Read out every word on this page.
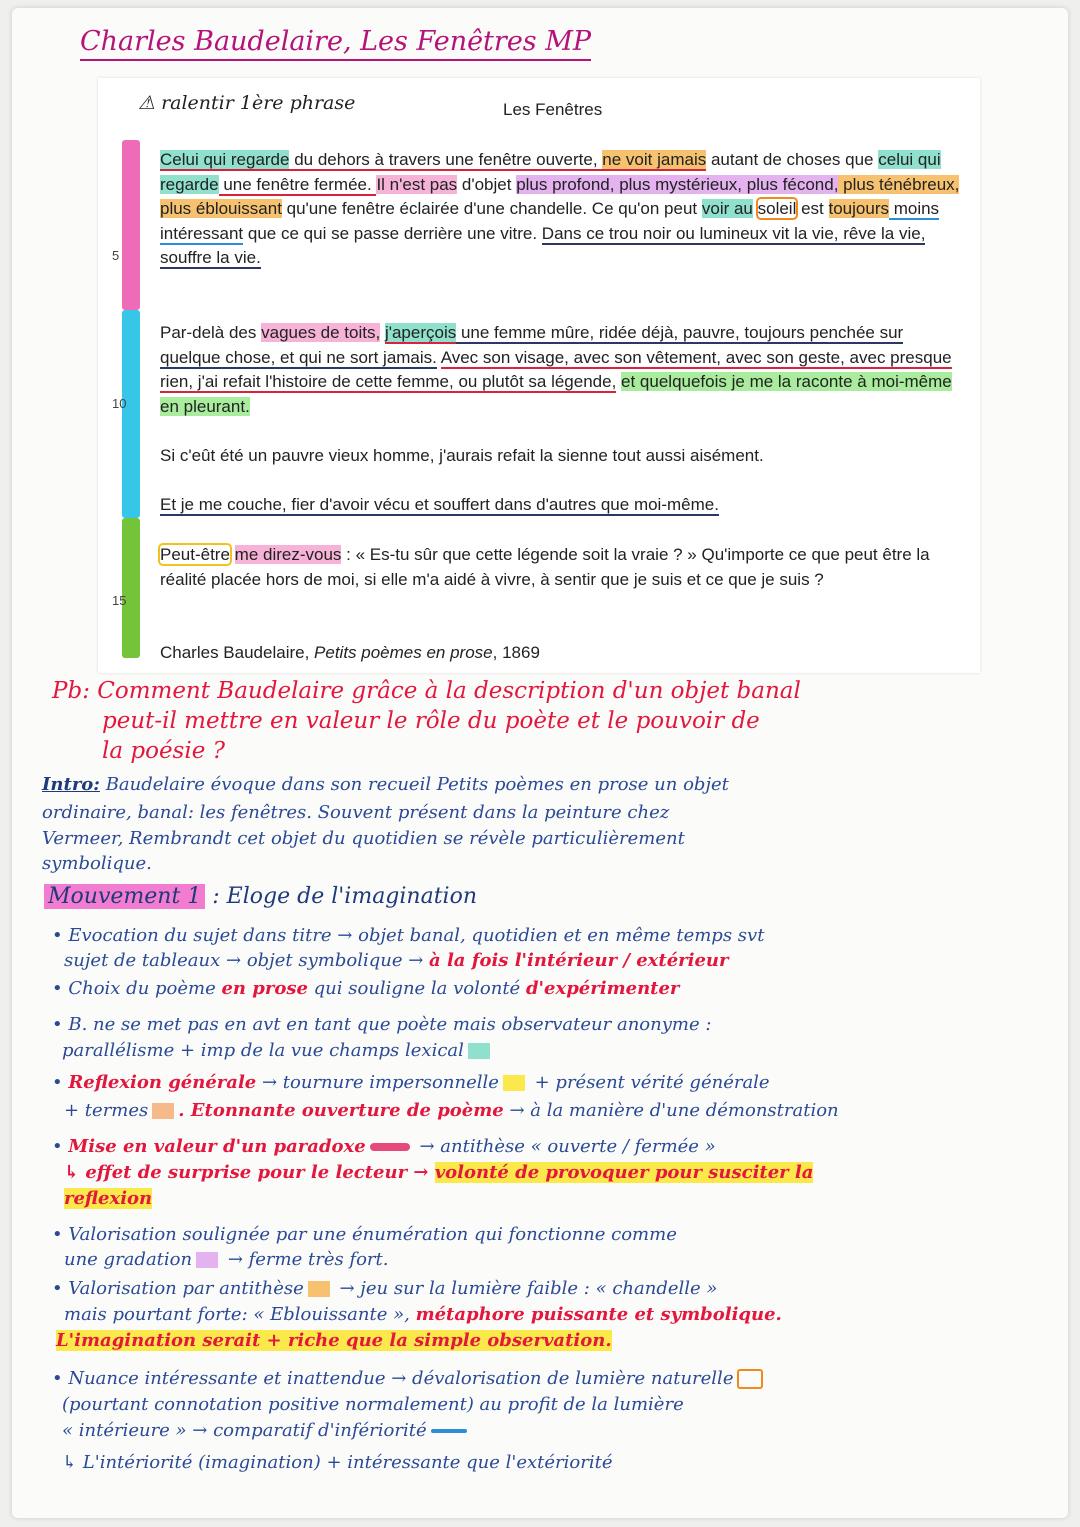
Charles Baudelaire, Les Fenêtres MP
⚠ ralentir 1ère phrase	Les Fenêtres
5
10
15

Celui qui regarde du dehors à travers une fenêtre ouverte, ne voit jamais autant de choses que celui qui regarde une fenêtre fermée. Il n'est pas d'objet plus profond, plus mystérieux, plus fécond, plus ténébreux, plus éblouissant qu'une fenêtre éclairée d'une chandelle. Ce qu'on peut voir au soleil est toujours moins intéressant que ce qui se passe derrière une vitre. Dans ce trou noir ou lumineux vit la vie, rêve la vie, souffre la vie.

Par-delà des vagues de toits, j'aperçois une femme mûre, ridée déjà, pauvre, toujours penchée sur quelque chose, et qui ne sort jamais. Avec son visage, avec son vêtement, avec son geste, avec presque rien, j'ai refait l'histoire de cette femme, ou plutôt sa légende, et quelquefois je me la raconte à moi-même en pleurant.

Si c'eût été un pauvre vieux homme, j'aurais refait la sienne tout aussi aisément.

Et je me couche, fier d'avoir vécu et souffert dans d'autres que moi-même.

Peut-être me direz-vous : « Es-tu sûr que cette légende soit la vraie ? » Qu'importe ce que peut être la réalité placée hors de moi, si elle m'a aidé à vivre, à sentir que je suis et ce que je suis ?

Charles Baudelaire, Petits poèmes en prose, 1869
Pb: Comment Baudelaire grâce à la description d'un objet banal
peut-il mettre en valeur le rôle du poète et le pouvoir de
la poésie ?
Intro: Baudelaire évoque dans son recueil Petits poèmes en prose un objet
ordinaire, banal: les fenêtres. Souvent présent dans la peinture chez
Vermeer, Rembrandt cet objet du quotidien se révèle particulièrement
symbolique.
Mouvement 1 : Eloge de l'imagination
• Evocation du sujet dans titre → objet banal, quotidien et en même temps svt
sujet de tableaux → objet symbolique → à la fois l'intérieur / extérieur
• Choix du poème en prose qui souligne la volonté d'expérimenter
• B. ne se met pas en avt en tant que poète mais observateur anonyme :
parallélisme + imp de la vue champs lexical
• Reflexion générale → tournure impersonnelle + présent vérité générale
+ termes . Etonnante ouverture de poème → à la manière d'une démonstration
• Mise en valeur d'un paradoxe	→ antithèse « ouverte / fermée »
↳ effet de surprise pour le lecteur → volonté de provoquer pour susciter la
reflexion
• Valorisation soulignée par une énumération qui fonctionne comme
une gradation → ferme très fort.
• Valorisation par antithèse → jeu sur la lumière faible : « chandelle »
mais pourtant forte: « Eblouissante », métaphore puissante et symbolique.
L'imagination serait + riche que la simple observation.
• Nuance intéressante et inattendue → dévalorisation de lumière naturelle
(pourtant connotation positive normalement) au profit de la lumière
« intérieure » → comparatif d'infériorité
↳ L'intériorité (imagination) + intéressante que l'extériorité
